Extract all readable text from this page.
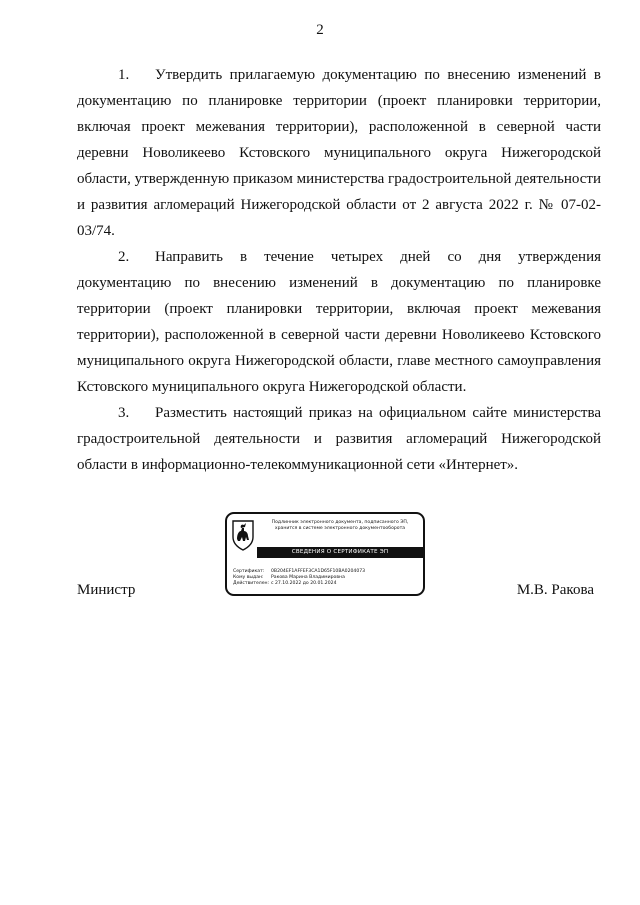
2

1. Утвердить прилагаемую документацию по внесению изменений в документацию по планировке территории (проект планировки территории, включая проект межевания территории), расположенной в северной части деревни Новоликеево Кстовского муниципального округа Нижегородской области, утвержденную приказом министерства градостроительной деятельности и развития агломераций Нижегородской области от 2 августа 2022 г. № 07-02-03/74.

2. Направить в течение четырех дней со дня утверждения документацию по внесению изменений в документацию по планировке территории (проект планировки территории, включая проект межевания территории), расположенной в северной части деревни Новоликеево Кстовского муниципального округа Нижегородской области, главе местного самоуправления Кстовского муниципального округа Нижегородской области.

3. Разместить настоящий приказ на официальном сайте министерства градостроительной деятельности и развития агломераций Нижегородской области в информационно-телекоммуникационной сети «Интернет».

Министр
Подлинник электронного документа, подписанного ЭП,
хранится в системе электронного документооборота
СВЕДЕНИЯ О СЕРТИФИКАТЕ ЭП
Сертификат: 0B204EF1AFFEF3CA1D65F10BA0204073
Кому выдан: Ракова Марина Владимировна
Действителен: с 27.10.2022 до 20.01.2024	М.В. Ракова
